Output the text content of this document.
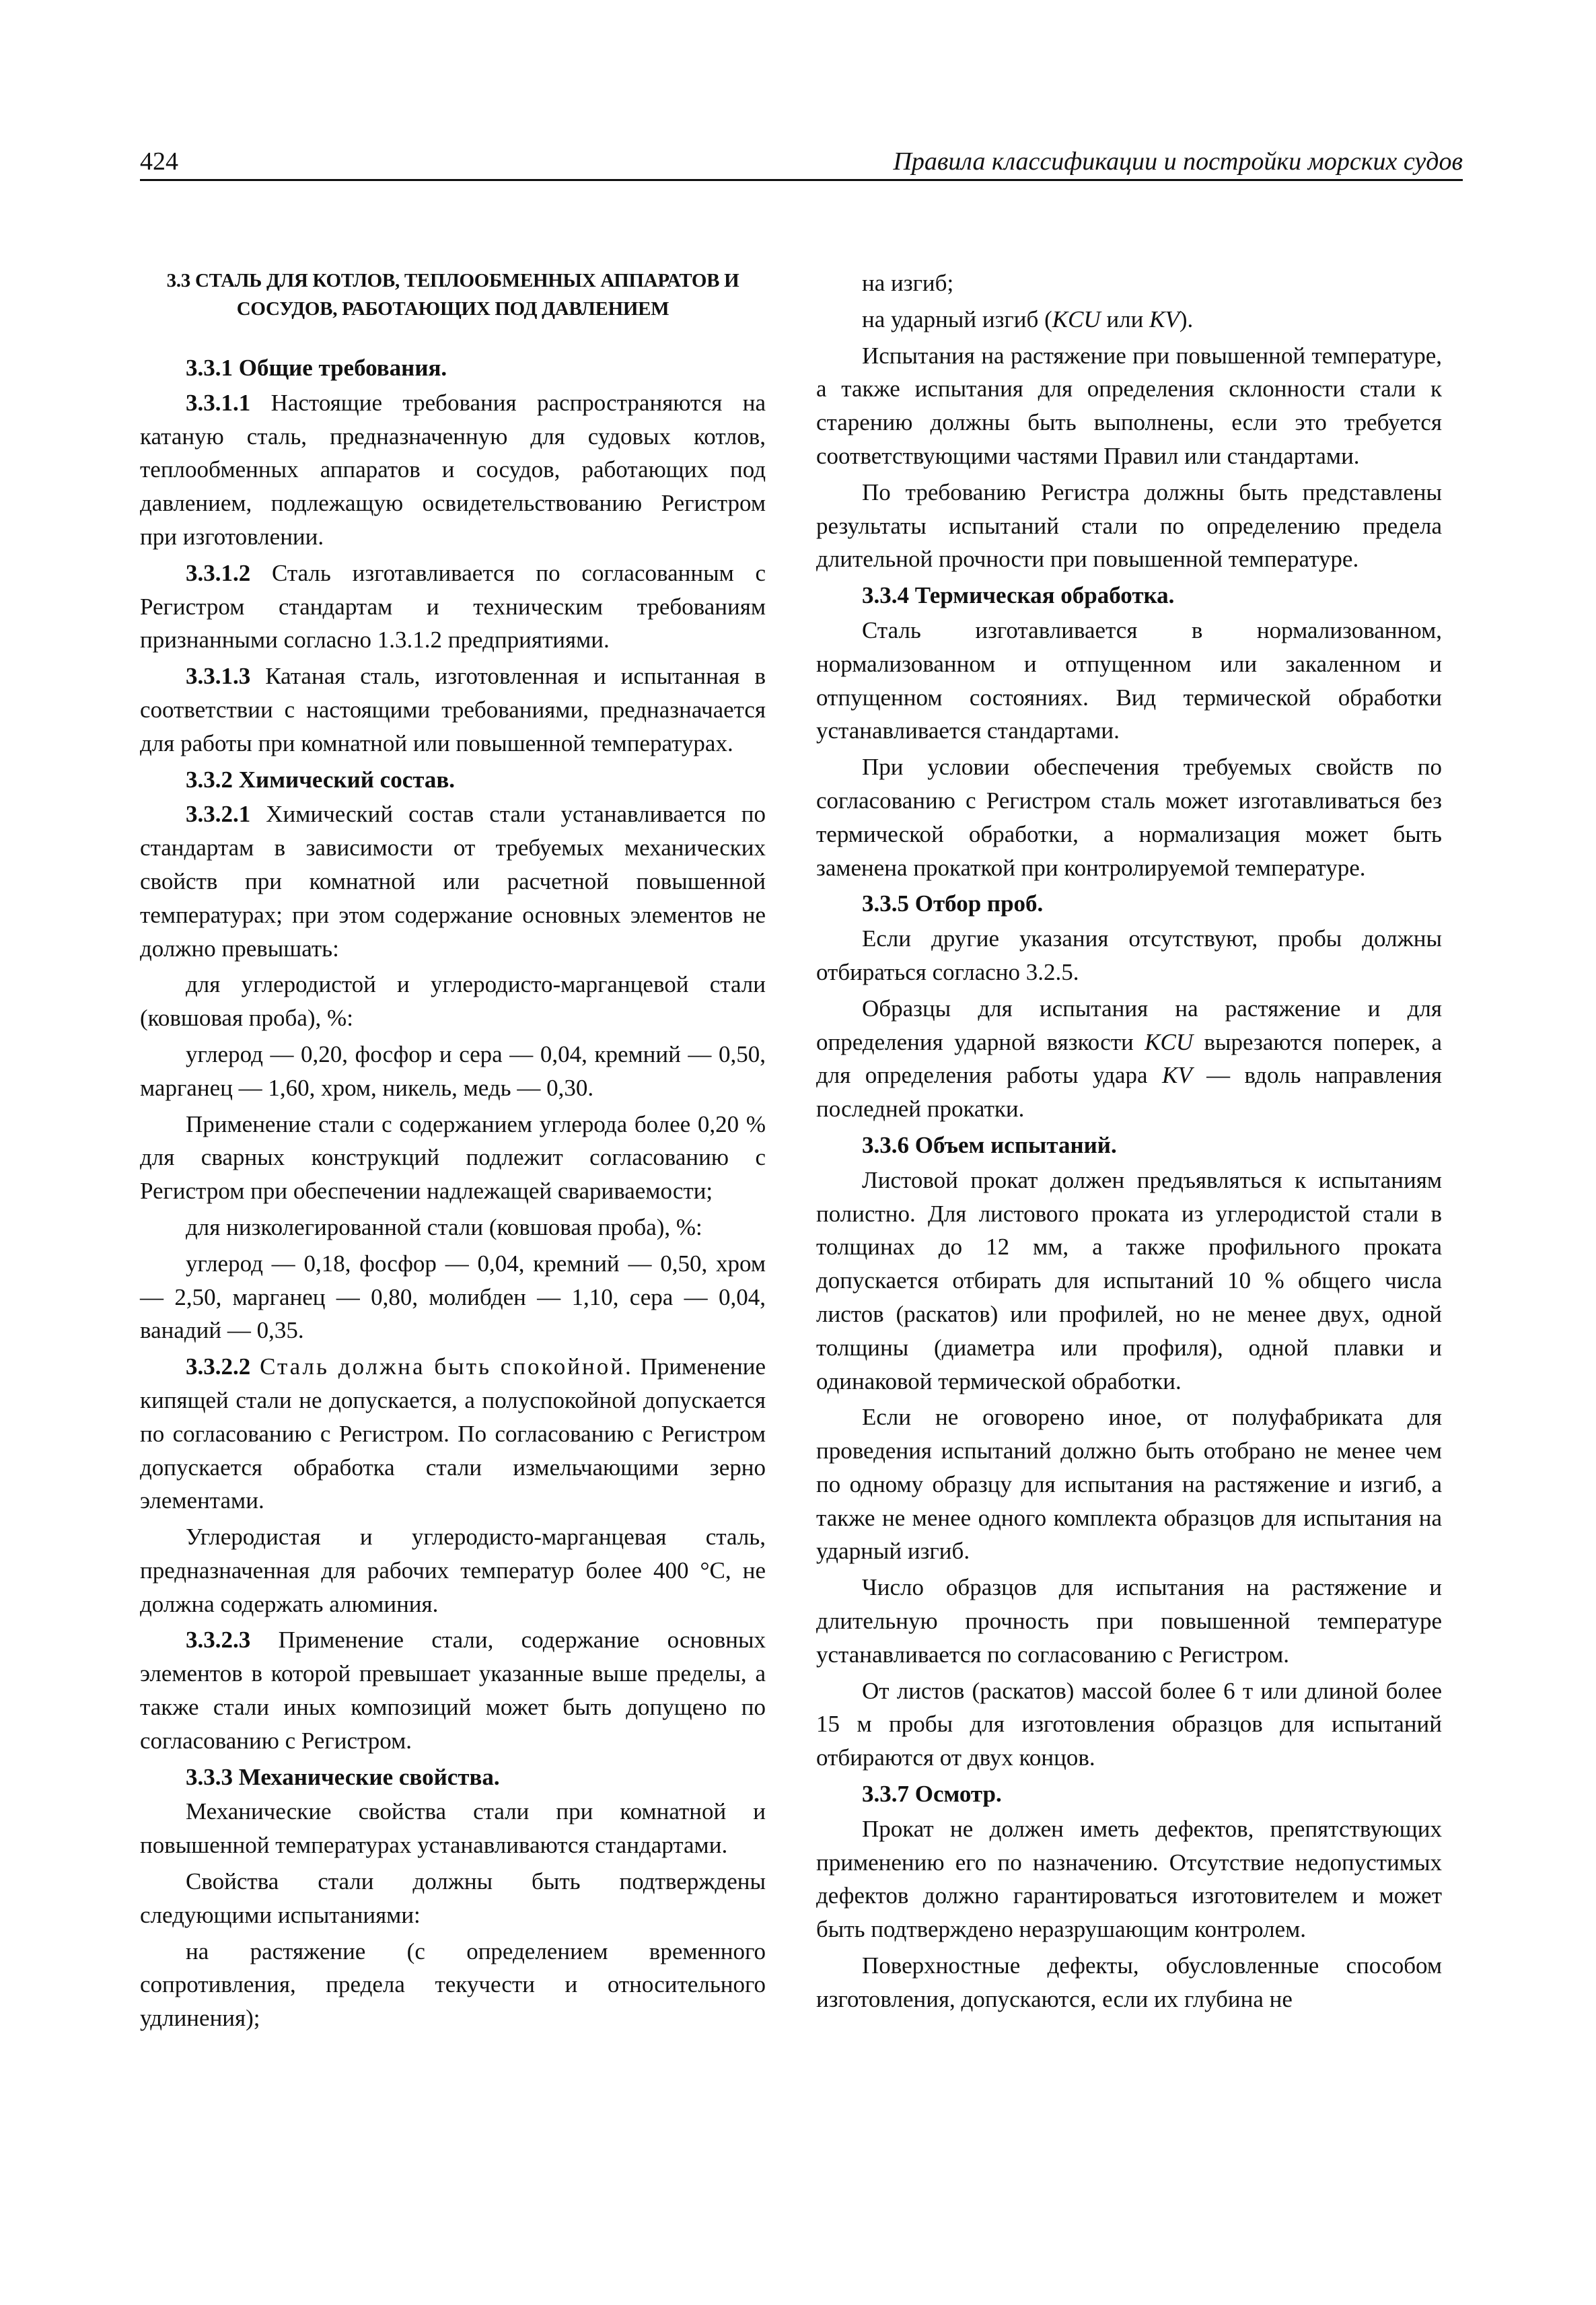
424	Правила классификации и постройки морских судов

3.3 СТАЛЬ ДЛЯ КОТЛОВ, ТЕПЛООБМЕННЫХ АППАРАТОВ И СОСУДОВ, РАБОТАЮЩИХ ПОД ДАВЛЕНИЕМ

3.3.1 Общие требования.

3.3.1.1 Настоящие требования распространяются на катаную сталь, предназначенную для судовых котлов, теплообменных аппаратов и сосудов, работающих под давлением, подлежащую освидетельствованию Регистром при изготовлении.

3.3.1.2 Сталь изготавливается по согласованным с Регистром стандартам и техническим требованиям признанными согласно 1.3.1.2 предприятиями.

3.3.1.3 Катаная сталь, изготовленная и испытанная в соответствии с настоящими требованиями, предназначается для работы при комнатной или повышенной температурах.

3.3.2 Химический состав.

3.3.2.1 Химический состав стали устанавливается по стандартам в зависимости от требуемых механических свойств при комнатной или расчетной повышенной температурах; при этом содержание основных элементов не должно превышать:

для углеродистой и углеродисто-марганцевой стали (ковшовая проба), %:

углерод — 0,20, фосфор и сера — 0,04, кремний — 0,50, марганец — 1,60, хром, никель, медь — 0,30.

Применение стали с содержанием углерода более 0,20 % для сварных конструкций подлежит согласованию с Регистром при обеспечении надлежащей свариваемости;

для низколегированной стали (ковшовая проба), %:

углерод — 0,18, фосфор — 0,04, кремний — 0,50, хром — 2,50, марганец — 0,80, молибден — 1,10, сера — 0,04, ванадий — 0,35.

3.3.2.2 Сталь должна быть спокойной. Применение кипящей стали не допускается, а полуспокойной допускается по согласованию с Регистром. По согласованию с Регистром допускается обработка стали измельчающими зерно элементами.

Углеродистая и углеродисто-марганцевая сталь, предназначенная для рабочих температур более 400 °С, не должна содержать алюминия.

3.3.2.3 Применение стали, содержание основных элементов в которой превышает указанные выше пределы, а также стали иных композиций может быть допущено по согласованию с Регистром.

3.3.3 Механические свойства.

Механические свойства стали при комнатной и повышенной температурах устанавливаются стандартами.

Свойства стали должны быть подтверждены следующими испытаниями:

на растяжение (с определением временного сопротивления, предела текучести и относительного удлинения);

на изгиб;

на ударный изгиб (KCU или KV).

Испытания на растяжение при повышенной температуре, а также испытания для определения склонности стали к старению должны быть выполнены, если это требуется соответствующими частями Правил или стандартами.

По требованию Регистра должны быть представлены результаты испытаний стали по определению предела длительной прочности при повышенной температуре.

3.3.4 Термическая обработка.

Сталь изготавливается в нормализованном, нормализованном и отпущенном или закаленном и отпущенном состояниях. Вид термической обработки устанавливается стандартами.

При условии обеспечения требуемых свойств по согласованию с Регистром сталь может изготавливаться без термической обработки, а нормализация может быть заменена прокаткой при контролируемой температуре.

3.3.5 Отбор проб.

Если другие указания отсутствуют, пробы должны отбираться согласно 3.2.5.

Образцы для испытания на растяжение и для определения ударной вязкости KCU вырезаются поперек, а для определения работы удара KV — вдоль направления последней прокатки.

3.3.6 Объем испытаний.

Листовой прокат должен предъявляться к испытаниям полистно. Для листового проката из углеродистой стали в толщинах до 12 мм, а также профильного проката допускается отбирать для испытаний 10 % общего числа листов (раскатов) или профилей, но не менее двух, одной толщины (диаметра или профиля), одной плавки и одинаковой термической обработки.

Если не оговорено иное, от полуфабриката для проведения испытаний должно быть отобрано не менее чем по одному образцу для испытания на растяжение и изгиб, а также не менее одного комплекта образцов для испытания на ударный изгиб.

Число образцов для испытания на растяжение и длительную прочность при повышенной температуре устанавливается по согласованию с Регистром.

От листов (раскатов) массой более 6 т или длиной более 15 м пробы для изготовления образцов для испытаний отбираются от двух концов.

3.3.7 Осмотр.

Прокат не должен иметь дефектов, препятствующих применению его по назначению. Отсутствие недопустимых дефектов должно гарантироваться изготовителем и может быть подтверждено неразрушающим контролем.

Поверхностные дефекты, обусловленные способом изготовления, допускаются, если их глубина не
